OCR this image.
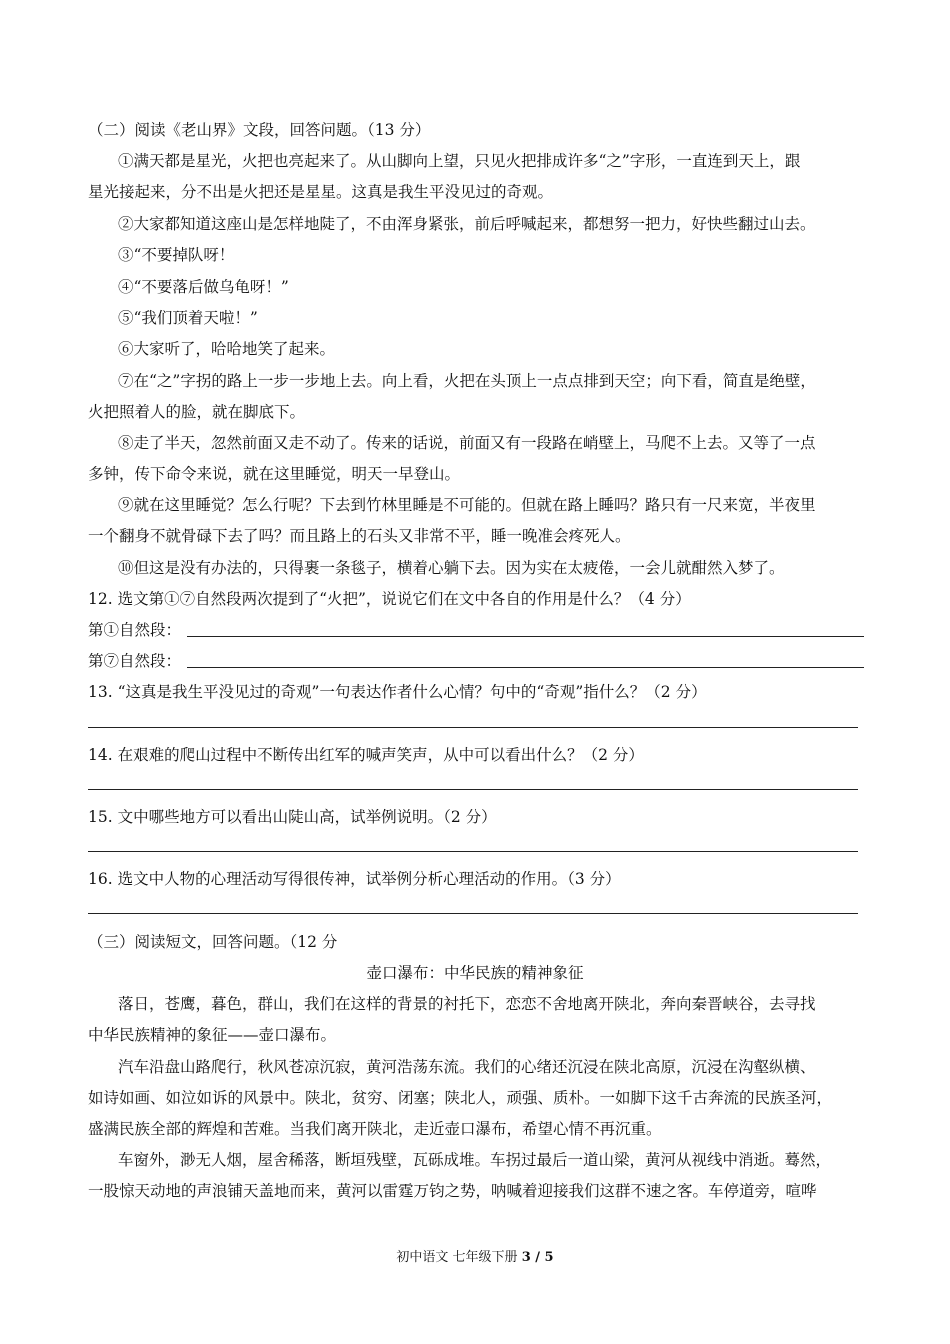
（二）阅读《老山界》文段，回答问题。（13 分）
①满天都是星光，火把也亮起来了。从山脚向上望，只见火把排成许多“之”字形，一直连到天上，跟
星光接起来，分不出是火把还是星星。这真是我生平没见过的奇观。
②大家都知道这座山是怎样地陡了，不由浑身紧张，前后呼喊起来，都想努一把力，好快些翻过山去。
③“不要掉队呀！
④“不要落后做乌龟呀！”
⑤“我们顶着天啦！”
⑥大家听了，哈哈地笑了起来。
⑦在“之”字拐的路上一步一步地上去。向上看，火把在头顶上一点点排到天空；向下看，简直是绝壁，
火把照着人的脸，就在脚底下。
⑧走了半天，忽然前面又走不动了。传来的话说，前面又有一段路在峭壁上，马爬不上去。又等了一点
多钟，传下命令来说，就在这里睡觉，明天一早登山。
⑨就在这里睡觉？怎么行呢？下去到竹林里睡是不可能的。但就在路上睡吗？路只有一尺来宽，半夜里
一个翻身不就骨碌下去了吗？而且路上的石头又非常不平，睡一晚准会疼死人。
⑩但这是没有办法的，只得裹一条毯子，横着心躺下去。因为实在太疲倦，一会儿就酣然入梦了。
12. 选文第①⑦自然段两次提到了“火把”，说说它们在文中各自的作用是什么？（4 分）
第①自然段：
第⑦自然段：
13. “这真是我生平没见过的奇观”一句表达作者什么心情？句中的“奇观”指什么？（2 分）
14. 在艰难的爬山过程中不断传出红军的喊声笑声，从中可以看出什么？（2 分）
15. 文中哪些地方可以看出山陡山高，试举例说明。（2 分）
16. 选文中人物的心理活动写得很传神，试举例分析心理活动的作用。（3 分）
（三）阅读短文，回答问题。（12 分
壶口瀑布：中华民族的精神象征
落日，苍鹰，暮色，群山，我们在这样的背景的衬托下，恋恋不舍地离开陕北，奔向秦晋峡谷，去寻找
中华民族精神的象征——壶口瀑布。
汽车沿盘山路爬行，秋风苍凉沉寂，黄河浩荡东流。我们的心绪还沉浸在陕北高原，沉浸在沟壑纵横、
如诗如画、如泣如诉的风景中。陕北，贫穷、闭塞；陕北人，顽强、质朴。一如脚下这千古奔流的民族圣河，
盛满民族全部的辉煌和苦难。当我们离开陕北，走近壶口瀑布，希望心情不再沉重。
车窗外，渺无人烟，屋舍稀落，断垣残壁，瓦砾成堆。车拐过最后一道山梁，黄河从视线中消逝。蓦然，
一股惊天动地的声浪铺天盖地而来，黄河以雷霆万钧之势，呐喊着迎接我们这群不速之客。车停道旁，喧哗
初中语文 七年级下册 3 / 5
